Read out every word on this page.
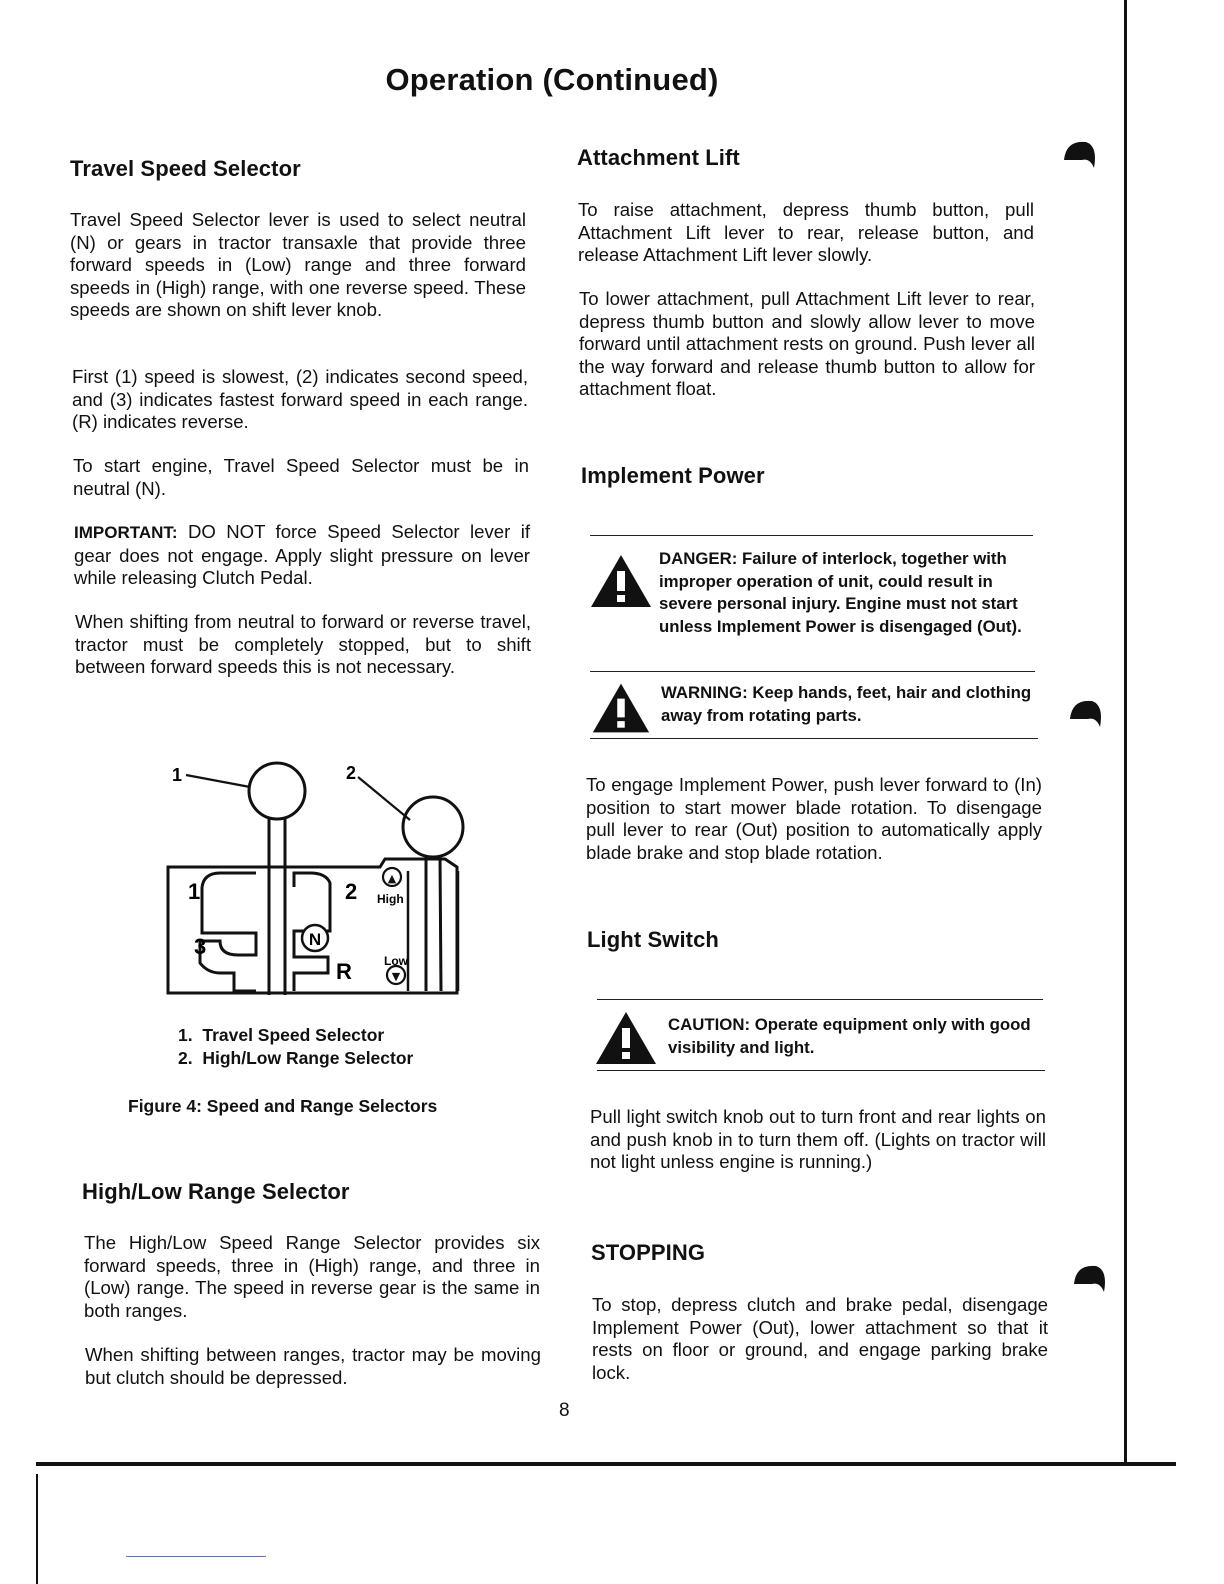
Operation (Continued)
Travel Speed Selector

Travel Speed Selector lever is used to select neutral (N) or gears in tractor transaxle that provide three forward speeds in (Low) range and three forward speeds in (High) range, with one reverse speed. These speeds are shown on shift lever knob.

First (1) speed is slowest, (2) indicates second speed, and (3) indicates fastest forward speed in each range. (R) indicates reverse.

To start engine, Travel Speed Selector must be in neutral (N).

IMPORTANT: DO NOT force Speed Selector lever if gear does not engage. Apply slight pressure on lever while releasing Clutch Pedal.

When shifting from neutral to forward or reverse travel, tractor must be completely stopped, but to shift between forward speeds this is not necessary.

▲
▼
1	2
1	2
3	N
R
High
Low
1. Travel Speed Selector
2. High/Low Range Selector
Figure 4: Speed and Range Selectors
High/Low Range Selector

The High/Low Speed Range Selector provides six forward speeds, three in (High) range, and three in (Low) range. The speed in reverse gear is the same in both ranges.

When shifting between ranges, tractor may be moving but clutch should be depressed.

8
Attachment Lift

To raise attachment, depress thumb button, pull Attachment Lift lever to rear, release button, and release Attachment Lift lever slowly.

To lower attachment, pull Attachment Lift lever to rear, depress thumb button and slowly allow lever to move forward until attachment rests on ground. Push lever all the way forward and release thumb button to allow for attachment float.

Implement Power
DANGER: Failure of interlock, together with improper operation of unit, could result in severe personal injury. Engine must not start unless Implement Power is disengaged (Out).
WARNING: Keep hands, feet, hair and clothing away from rotating parts.

To engage Implement Power, push lever forward to (In) position to start mower blade rotation. To disengage pull lever to rear (Out) position to automatically apply blade brake and stop blade rotation.

Light Switch
CAUTION: Operate equipment only with good visibility and light.

Pull light switch knob out to turn front and rear lights on and push knob in to turn them off. (Lights on tractor will not light unless engine is running.)

STOPPING

To stop, depress clutch and brake pedal, disengage Implement Power (Out), lower attachment so that it rests on floor or ground, and engage parking brake lock.
